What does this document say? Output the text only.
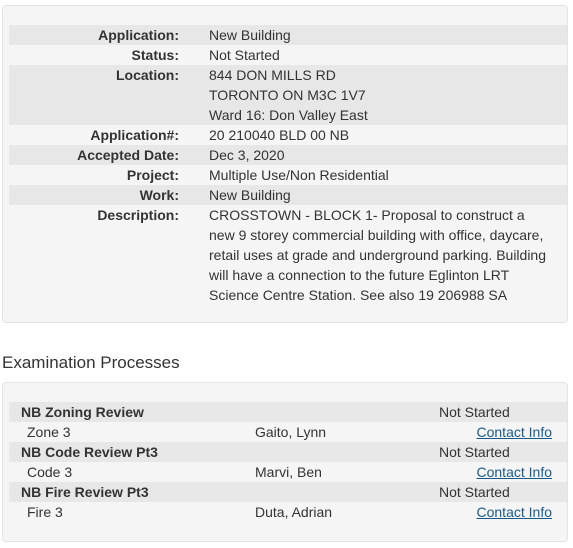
Application: New Building
Status: Not Started
Location: 844 DON MILLS RD
TORONTO ON M3C 1V7
Ward 16: Don Valley East
Application#: 20 210040 BLD 00 NB
Accepted Date: Dec 3, 2020
Project: Multiple Use/Non Residential
Work: New Building
Description: CROSSTOWN - BLOCK 1- Proposal to construct a
new 9 storey commercial building with office, daycare,
retail uses at grade and underground parking. Building
will have a connection to the future Eglinton LRT
Science Centre Station. See also 19 206988 SA
Examination Processes
NB Zoning Review	Not Started
Zone 3	Gaito, Lynn	Contact Info
NB Code Review Pt3	Not Started
Code 3	Marvi, Ben	Contact Info
NB Fire Review Pt3	Not Started
Fire 3	Duta, Adrian	Contact Info
